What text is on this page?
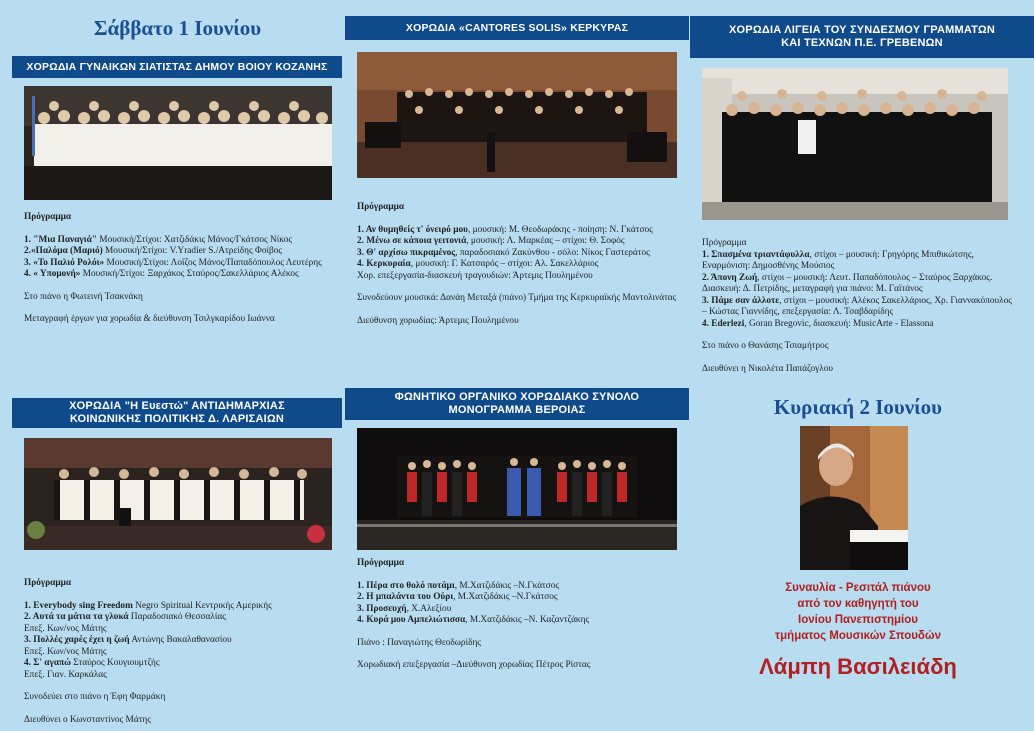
Σάββατο 1 Ιουνίου
ΧΟΡΩΔΙΑ ΓΥΝΑΙΚΩΝ ΣΙΑΤΙΣΤΑΣ ΔΗΜΟΥ ΒΟΙΟΥ ΚΟΖΑΝΗΣ

Πρόγραμμα

1. "Μια Παναγιά" Μουσική/Στίχοι: Χατζιδάκις Μάνος/Γκάτσος Νίκος

2.«Παλόμα (Μαριό) Μουσική/Στίχοι: V.Yradier S./Ατρείδης Φοίβος

3. «Το Παλιό Ρολόι» Μουσική/Στίχοι: Λοΐζος Μάνος/Παπαδόπουλος Λευτέρης

4. « Υπομονή» Μουσική/Στίχοι: Ξαρχάκος Σταύρος/Σακελλάριος Αλέκος

Στο πιάνο η Φωτεινή Τσακνάκη

Μεταγραφή έργων για χορωδία & διεύθυνση Τσιλγκαρίδου Ιωάννα

ΧΟΡΩΔΙΑ "Η Ευεστώ" ΑΝΤΙΔΗΜΑΡΧΙΑΣ
ΚΟΙΝΩΝΙΚΗΣ ΠΟΛΙΤΙΚΗΣ Δ. ΛΑΡΙΣΑΙΩΝ

Πρόγραμμα

1. Everybody sing Freedom Negro Spiritual Κεντρικής Αμερικής

2. Αυτά τα μάτια τα γλυκά Παραδοσιακό Θεσσαλίας

Επεξ. Κων/νος Μάτης

3. Πολλές χαρές έχει η ζωή Αντώνης Βακαλαθανασίου

Επεξ. Κων/νος Μάτης

4. Σ' αγαπώ Σταύρος Κουγιουμτζής

Επεξ. Γιαν. Καρκάλας

Συνοδεύει στο πιάνο η Έφη Φαρμάκη

Διευθύνει ο Κωνσταντίνος Μάτης

ΧΟΡΩΔΙΑ «CANTORES SOLIS» ΚΕΡΚΥΡΑΣ

Πρόγραμμα

1. Αν θυμηθείς τ' όνειρό μου, μουσική: Μ. Θεοδωράκης - ποίηση: Ν. Γκάτσος

2. Μένω σε κάποια γειτονιά, μουσική: Λ. Μαρκέας – στίχοι: Θ. Σοφός

3. Θ' αρχίσω πικραμένος, παραδοσιακό Ζακύνθου - σόλο: Νίκος Γαστεράτος

4. Κερκυραία, μουσική: Γ. Κατσαρός – στίχοι: Αλ. Σακελλάριος

Χορ. επεξεργασία-διασκευή τραγουδιών: Άρτεμις Πουλημένου

Συνοδεύουν μουσικά: Δανάη Μεταξά (πιάνο) Τμήμα της Κερκυραϊκής Μαντολινάτας

Διεύθυνση χορωδίας: Άρτεμις Πουλημένου

ΦΩΝΗΤΙΚΟ ΟΡΓΑΝΙΚΟ ΧΟΡΩΔΙΑΚΟ ΣΥΝΟΛΟ
ΜΟΝΟΓΡΑΜΜΑ ΒΕΡΟΙΑΣ

Πρόγραμμα

1. Πέρα στο θολό ποτάμι, Μ.Χατζιδάκις –Ν.Γκάτσος

2. Η μπαλάντα του Ούρι, Μ.Χατζιδάκις –Ν.Γκάτσος

3. Προσευχή, Χ.Αλεξίου

4. Κυρά μου Αμπελιώτισσα, Μ.Χατζιδάκις –Ν. Καζαντζάκης

Πιάνο : Παναγιώτης Θεοδωρίδης

Χορωδιακή επεξεργασία –Διεύθυνση χορωδίας Πέτρος Ρίστας

ΧΟΡΩΔΙΑ ΛΙΓΕΙΑ ΤΟΥ ΣΥΝΔΕΣΜΟΥ ΓΡΑΜΜΑΤΩΝ
ΚΑΙ ΤΕΧΝΩΝ Π.Ε. ΓΡΕΒΕΝΩΝ

Πρόγραμμα

1. Σπασμένα τριαντάφυλλα, στίχοι – μουσική: Γρηγόρης Μπιθικώτσης, Εναρμόνιση: Δημοσθένης Μούσιος

2. Άπονη Ζωή, στίχοι – μουσική: Λευτ. Παπαδόπουλος – Σταύρος Ξαρχάκος. Διασκευή: Δ. Πετρίδης, μεταγραφή για πιάνο: Μ. Γαϊτάνος

3. Πάμε σαν άλλοτε, στίχοι – μουσική: Αλέκος Σακελλάριος, Χρ. Γιαννακόπουλος – Κώστας Γιαννίδης, επεξεργασία: Λ. Τσαβδαρίδης

4. Ederlezi, Goran Bregovic, διασκευή: MusicArte - Elassona

Στο πιάνο ο Θανάσης Τσιαμήτρος

Διευθύνει η Νικολέτα Παπάζογλου

Κυριακή 2 Ιουνίου
Συναυλία - Ρεσιτάλ πιάνου
από τον καθηγητή του
Ιονίου Πανεπιστημίου
τμήματος Μουσικών Σπουδών
Λάμπη Βασιλειάδη
